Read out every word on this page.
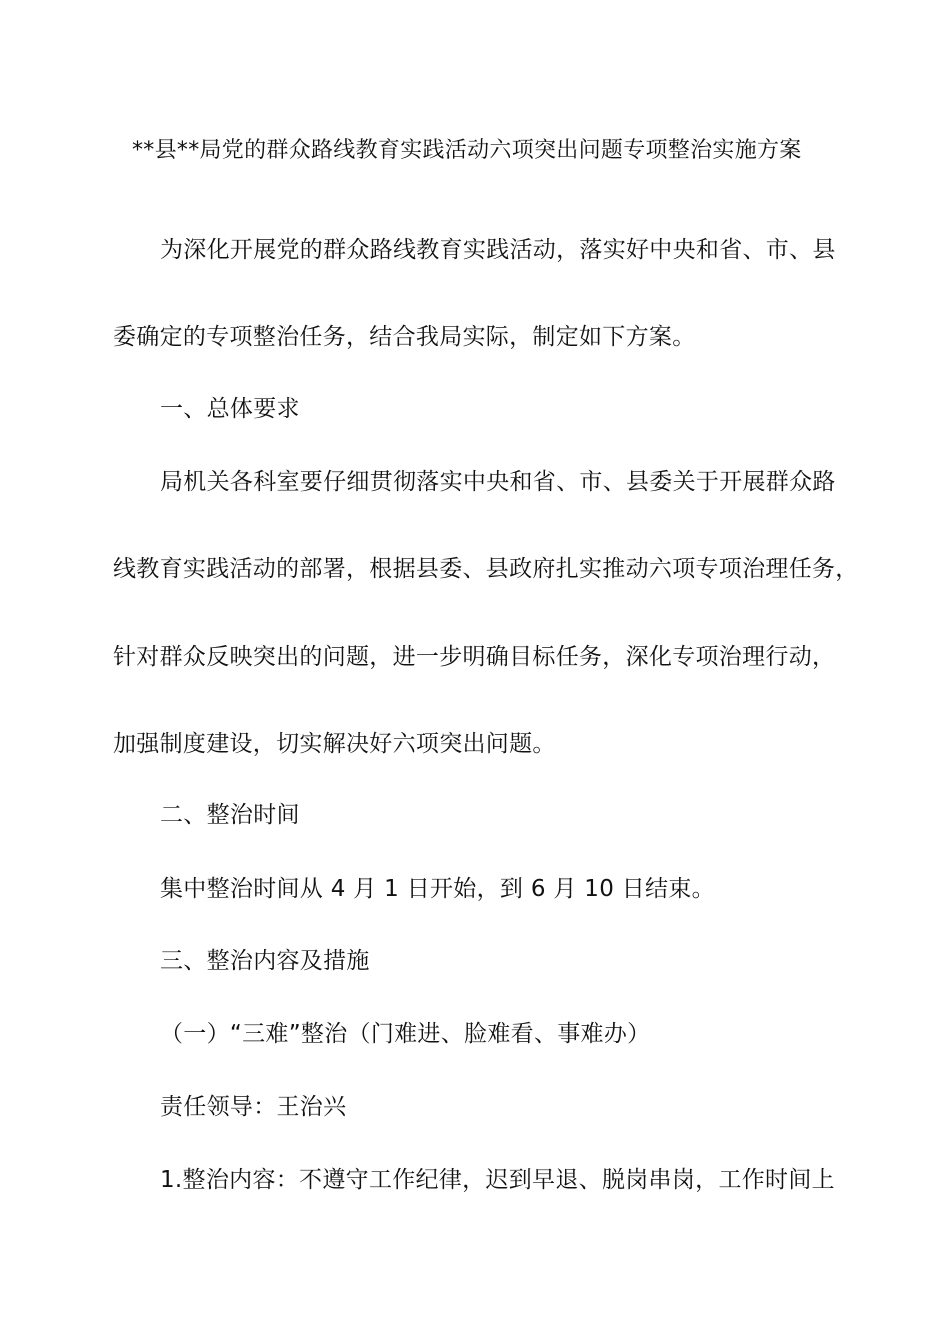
**县**局党的群众路线教育实践活动六项突出问题专项整治实施方案
为深化开展党的群众路线教育实践活动，落实好中央和省、市、县
委确定的专项整治任务，结合我局实际，制定如下方案。
一、总体要求
局机关各科室要仔细贯彻落实中央和省、市、县委关于开展群众路
线教育实践活动的部署，根据县委、县政府扎实推动六项专项治理任务，
针对群众反映突出的问题，进一步明确目标任务，深化专项治理行动，
加强制度建设，切实解决好六项突出问题。
二、整治时间
集中整治时间从 4 月 1 日开始，到 6 月 10 日结束。
三、整治内容及措施
（一）“三难”整治（门难进、脸难看、事难办）
责任领导：王治兴
1.整治内容：不遵守工作纪律，迟到早退、脱岗串岗，工作时间上
